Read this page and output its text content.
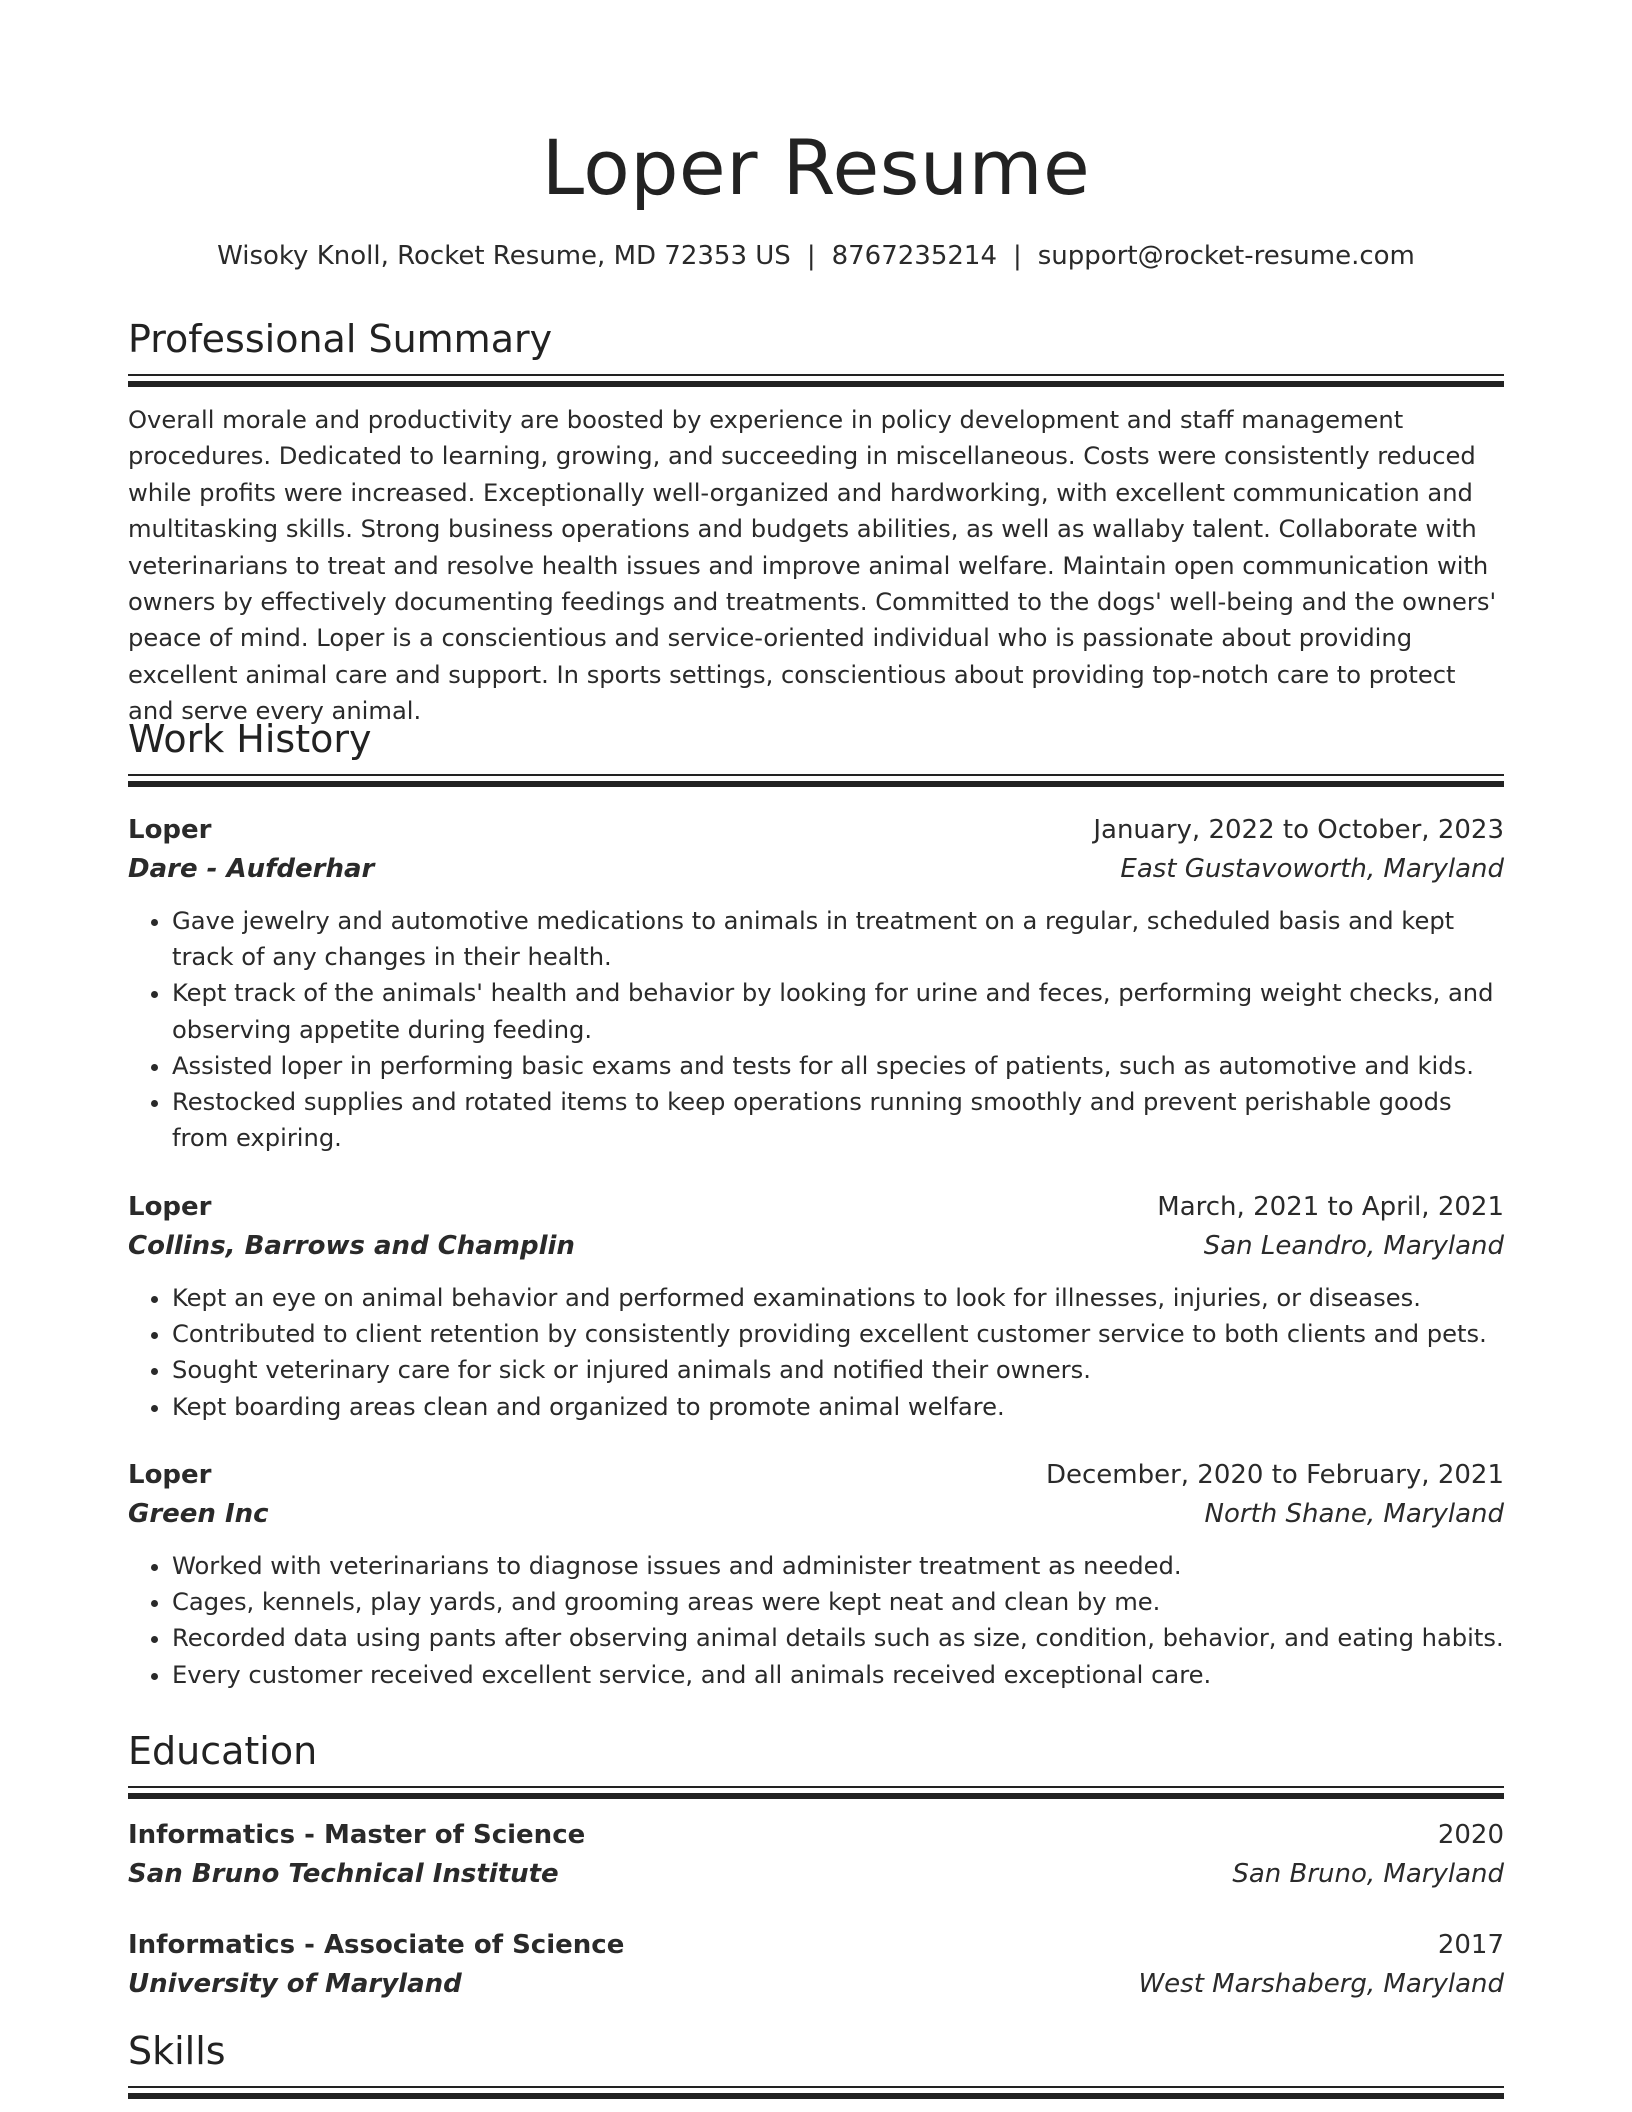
Loper Resume
Wisoky Knoll, Rocket Resume, MD 72353 US | 8767235214 | support@rocket-resume.com
Professional Summary

Overall morale and productivity are boosted by experience in policy development and staff management procedures. Dedicated to learning, growing, and succeeding in miscellaneous. Costs were consistently reduced while profits were increased. Exceptionally well-organized and hardworking, with excellent communication and multitasking skills. Strong business operations and budgets abilities, as well as wallaby talent. Collaborate with veterinarians to treat and resolve health issues and improve animal welfare. Maintain open communication with owners by effectively documenting feedings and treatments. Committed to the dogs' well-being and the owners' peace of mind. Loper is a conscientious and service-oriented individual who is passionate about providing excellent animal care and support. In sports settings, conscientious about providing top-notch care to protect and serve every animal.

Work History
Loper	January, 2022 to October, 2023
Dare - Aufderhar	East Gustavoworth, Maryland
• Gave jewelry and automotive medications to animals in treatment on a regular, scheduled basis and kept track of any changes in their health.
• Kept track of the animals' health and behavior by looking for urine and feces, performing weight checks, and observing appetite during feeding.
• Assisted loper in performing basic exams and tests for all species of patients, such as automotive and kids.
• Restocked supplies and rotated items to keep operations running smoothly and prevent perishable goods from expiring.
Loper	March, 2021 to April, 2021
Collins, Barrows and Champlin	San Leandro, Maryland
• Kept an eye on animal behavior and performed examinations to look for illnesses, injuries, or diseases.
• Contributed to client retention by consistently providing excellent customer service to both clients and pets.
• Sought veterinary care for sick or injured animals and notified their owners.
• Kept boarding areas clean and organized to promote animal welfare.
Loper	December, 2020 to February, 2021
Green Inc	North Shane, Maryland
• Worked with veterinarians to diagnose issues and administer treatment as needed.
• Cages, kennels, play yards, and grooming areas were kept neat and clean by me.
• Recorded data using pants after observing animal details such as size, condition, behavior, and eating habits.
• Every customer received excellent service, and all animals received exceptional care.
Education
Informatics - Master of Science	2020
San Bruno Technical Institute	San Bruno, Maryland
Informatics - Associate of Science	2017
University of Maryland	West Marshaberg, Maryland
Skills
